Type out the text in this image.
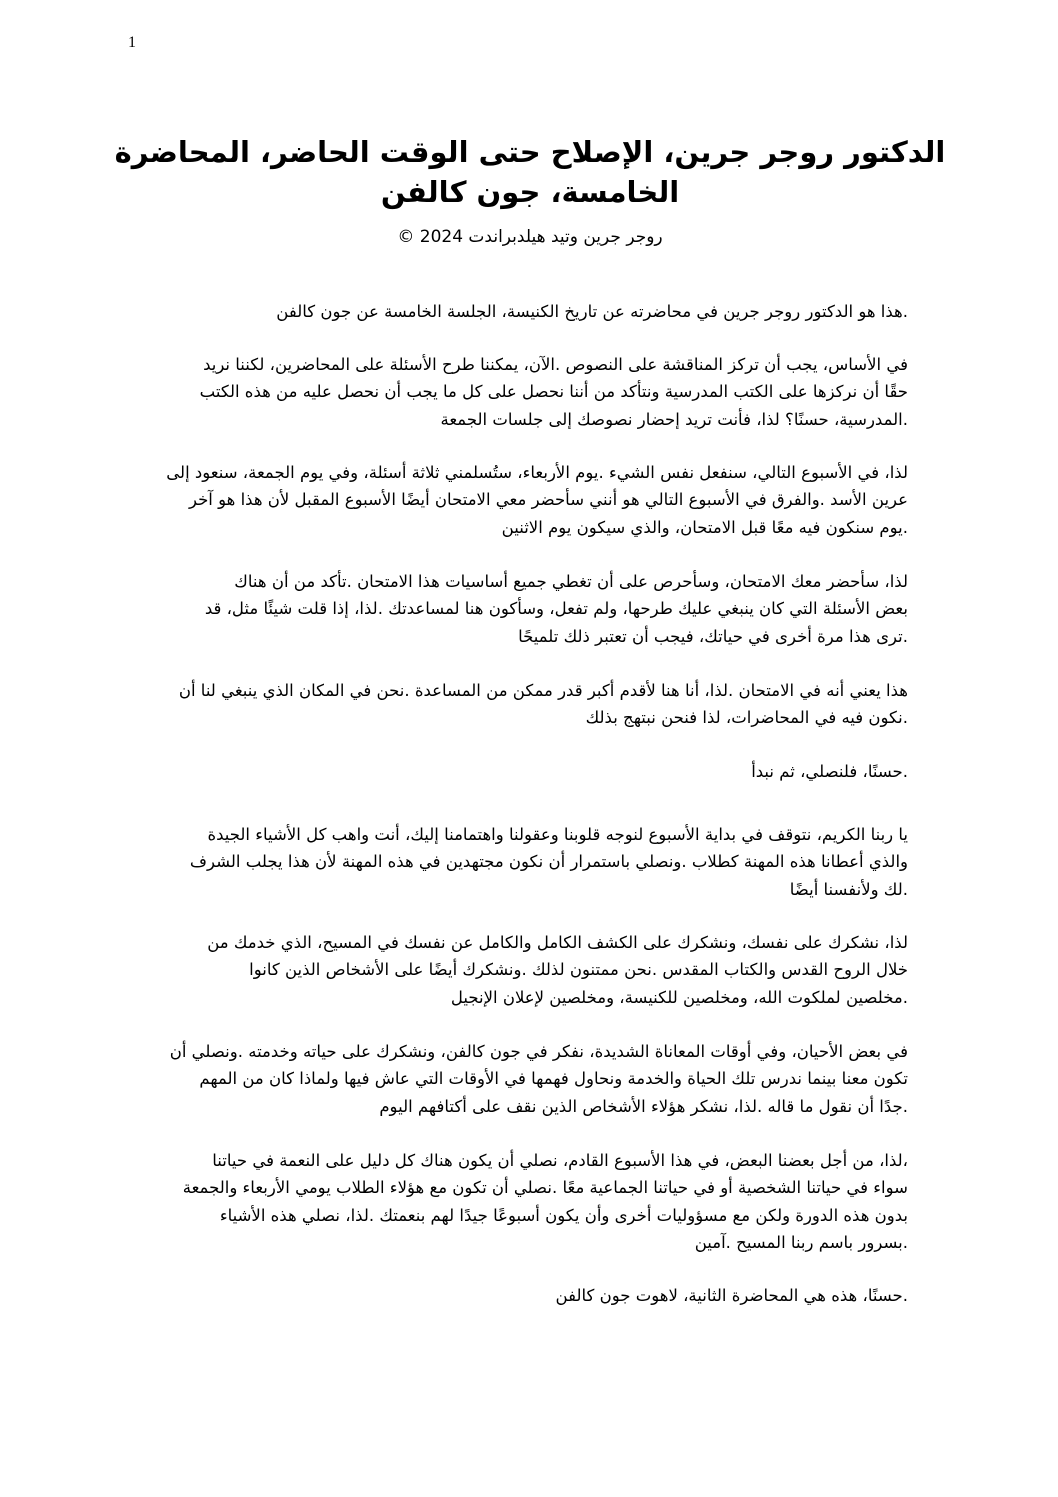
1
الدكتور روجر جرين، الإصلاح حتى الوقت الحاضر، المحاضرة الخامسة، جون كالفن
روجر جرين وتيد هيلدبراندت 2024 ©
.هذا هو الدكتور روجر جرين في محاضرته عن تاريخ الكنيسة، الجلسة الخامسة عن جون كالفن
في الأساس، يجب أن تركز المناقشة على النصوص .الآن، يمكننا طرح الأسئلة على المحاضرين، لكننا نريد
حقًا أن نركزها على الكتب المدرسية ونتأكد من أننا نحصل على كل ما يجب أن نحصل عليه من هذه الكتب
.المدرسية، حسنًا؟ لذا، فأنت تريد إحضار نصوصك إلى جلسات الجمعة
لذا، في الأسبوع التالي، سنفعل نفس الشيء .يوم الأربعاء، ستُسلمني ثلاثة أسئلة، وفي يوم الجمعة، سنعود إلى
عرين الأسد .والفرق في الأسبوع التالي هو أنني سأحضر معي الامتحان أيضًا الأسبوع المقبل لأن هذا هو آخر
.يوم سنكون فيه معًا قبل الامتحان، والذي سيكون يوم الاثنين
لذا، سأحضر معك الامتحان، وسأحرص على أن تغطي جميع أساسيات هذا الامتحان .تأكد من أن هناك
بعض الأسئلة التي كان ينبغي عليك طرحها، ولم تفعل، وسأكون هنا لمساعدتك .لذا، إذا قلت شيئًا مثل، قد
.ترى هذا مرة أخرى في حياتك، فيجب أن تعتبر ذلك تلميحًا
هذا يعني أنه في الامتحان .لذا، أنا هنا لأقدم أكبر قدر ممكن من المساعدة .نحن في المكان الذي ينبغي لنا أن
.نكون فيه في المحاضرات، لذا فنحن نبتهج بذلك
.حسنًا، فلنصلي، ثم نبدأ
يا ربنا الكريم، نتوقف في بداية الأسبوع لنوجه قلوبنا وعقولنا واهتمامنا إليك، أنت واهب كل الأشياء الجيدة
والذي أعطانا هذه المهنة كطلاب .ونصلي باستمرار أن نكون مجتهدين في هذه المهنة لأن هذا يجلب الشرف
.لك ولأنفسنا أيضًا
لذا، نشكرك على نفسك، ونشكرك على الكشف الكامل والكامل عن نفسك في المسيح، الذي خدمك من
خلال الروح القدس والكتاب المقدس .نحن ممتنون لذلك .ونشكرك أيضًا على الأشخاص الذين كانوا
.مخلصين لملكوت الله، ومخلصين للكنيسة، ومخلصين لإعلان الإنجيل
في بعض الأحيان، وفي أوقات المعاناة الشديدة، نفكر في جون كالفن، ونشكرك على حياته وخدمته .ونصلي أن
تكون معنا بينما ندرس تلك الحياة والخدمة ونحاول فهمها في الأوقات التي عاش فيها ولماذا كان من المهم
.جدًا أن نقول ما قاله .لذا، نشكر هؤلاء الأشخاص الذين نقف على أكتافهم اليوم
،لذا، من أجل بعضنا البعض، في هذا الأسبوع القادم، نصلي أن يكون هناك كل دليل على النعمة في حياتنا
سواء في حياتنا الشخصية أو في حياتنا الجماعية معًا .نصلي أن تكون مع هؤلاء الطلاب يومي الأربعاء والجمعة
بدون هذه الدورة ولكن مع مسؤوليات أخرى وأن يكون أسبوعًا جيدًا لهم بنعمتك .لذا، نصلي هذه الأشياء
.بسرور باسم ربنا المسيح .آمين
.حسنًا، هذه هي المحاضرة الثانية، لاهوت جون كالفن
